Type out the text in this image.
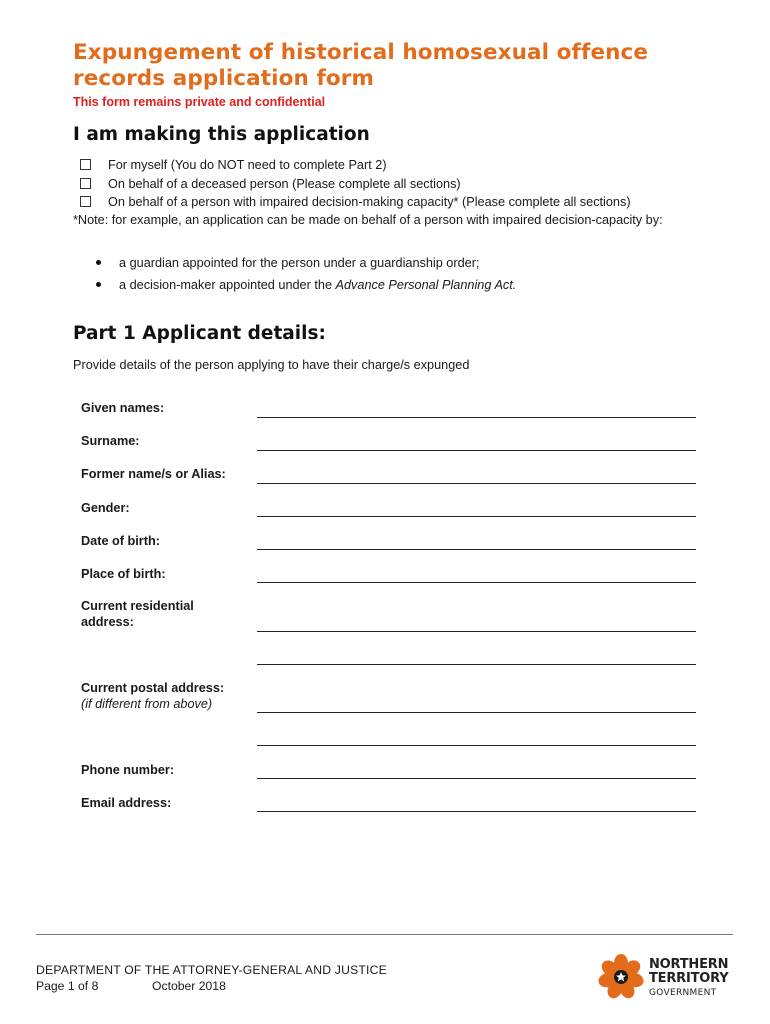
Expungement of historical homosexual offence records application form
This form remains private and confidential
I am making this application
For myself (You do NOT need to complete Part 2)
On behalf of a deceased person (Please complete all sections)
On behalf of a person with impaired decision-making capacity* (Please complete all sections)
*Note: for example, an application can be made on behalf of a person with impaired decision-capacity by:
a guardian appointed for the person under a guardianship order;
a decision-maker appointed under the Advance Personal Planning Act.
Part 1 Applicant details:
Provide details of the person applying to have their charge/s expunged
Given names:
Surname:
Former name/s or Alias:
Gender:
Date of birth:
Place of birth:
Current residential
address:
Current postal address:
(if different from above)
Phone number:
Email address:
DEPARTMENT OF THE ATTORNEY-GENERAL AND JUSTICE
Page 1 of 8	October 2018
NORTHERN
TERRITORY
GOVERNMENT
